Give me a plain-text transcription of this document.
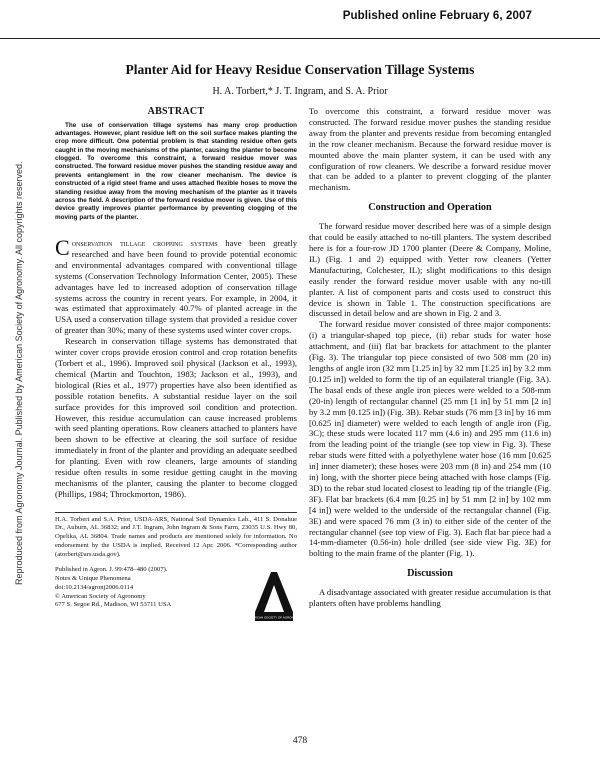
Published online February 6, 2007
Reproduced from Agronomy Journal. Published by American Society of Agronomy. All copyrights reserved.
Planter Aid for Heavy Residue Conservation Tillage Systems
H. A. Torbert,* J. T. Ingram, and S. A. Prior
ABSTRACT

The use of conservation tillage systems has many crop production advantages. However, plant residue left on the soil surface makes planting the crop more difficult. One potential problem is that standing residue often gets caught in the moving mechanisms of the planter, causing the planter to become clogged. To overcome this constraint, a forward residue mover was constructed. The forward residue mover pushes the standing residue away and prevents entanglement in the row cleaner mechanism. The device is constructed of a rigid steel frame and uses attached flexible hoses to move the standing residue away from the moving mechanism of the planter as it travels across the field. A description of the forward residue mover is given. Use of this device greatly improves planter performance by preventing clogging of the moving parts of the planter.

Conservation tillage cropping systems have been greatly researched and have been found to provide potential economic and environmental advantages compared with conventional tillage systems (Conservation Technology Information Center, 2005). These advantages have led to increased adoption of conservation tillage systems across the country in recent years. For example, in 2004, it was estimated that approximately 40.7% of planted acreage in the USA used a conservation tillage system that provided a residue cover of greater than 30%; many of these systems used winter cover crops.

Research in conservation tillage systems has demonstrated that winter cover crops provide erosion control and crop rotation benefits (Torbert et al., 1996). Improved soil physical (Jackson et al., 1993), chemical (Martin and Touchton, 1983; Jackson et al., 1993), and biological (Ries et al., 1977) properties have also been identified as possible rotation benefits. A substantial residue layer on the soil surface provides for this improved soil condition and protection. However, this residue accumulation can cause increased problems with seed planting operations. Row cleaners attached to planters have been shown to be effective at clearing the soil surface of residue immediately in front of the planter and providing an adequate seedbed for planting. Even with row cleaners, large amounts of standing residue often results in some residue getting caught in the moving mechanisms of the planter, causing the planter to become clogged (Phillips, 1984; Throckmorton, 1986).

H.A. Torbert and S.A. Prior, USDA-ARS, National Soil Dynamics Lab., 411 S. Donahue Dr., Auburn, AL 36832; and J.T. Ingram, John Ingram & Sons Farm, 23035 U.S. Hwy 80, Opelika, AL 36804. Trade names and products are mentioned solely for information. No endorsement by the USDA is implied. Received 12 Apr. 2006. *Corresponding author (atorbert@ars.usda.gov).

Published in Agron. J. 99:478–480 (2007).
Notes & Unique Phenomena
doi:10.2134/agronj2006.0114
© American Society of Agronomy
677 S. Segoe Rd., Madison, WI 53711 USA
AMERICAN SOCIETY OF AGRONOMY

To overcome this constraint, a forward residue mover was constructed. The forward residue mover pushes the standing residue away from the planter and prevents residue from becoming entangled in the row cleaner mechanism. Because the forward residue mover is mounted above the main planter system, it can be used with any configuration of row cleaners. We describe a forward residue mover that can be added to a planter to prevent clogging of the planter mechanism.

Construction and Operation

The forward residue mover described here was of a simple design that could be easily attached to no-till planters. The system described here is for a four-row JD 1700 planter (Deere & Company, Moline, IL) (Fig. 1 and 2) equipped with Yetter row cleaners (Yetter Manufacturing, Colchester, IL); slight modifications to this design easily render the forward residue mover usable with any no-till planter. A list of component parts and costs used to construct this device is shown in Table 1. The construction specifications are discussed in detail below and are shown in Fig. 2 and 3.

The forward residue mover consisted of three major components: (i) a triangular-shaped top piece, (ii) rebar studs for water hose attachment, and (iii) flat bar brackets for attachment to the planter (Fig. 3). The triangular top piece consisted of two 508 mm (20 in) lengths of angle iron (32 mm [1.25 in] by 32 mm [1.25 in] by 3.2 mm [0.125 in]) welded to form the tip of an equilateral triangle (Fig. 3A). The basal ends of these angle iron pieces were welded to a 508-mm (20-in) length of rectangular channel (25 mm [1 in] by 51 mm [2 in] by 3.2 mm [0.125 in]) (Fig. 3B). Rebar studs (76 mm [3 in] by 16 mm [0.625 in] diameter) were welded to each length of angle iron (Fig. 3C); these studs were located 117 mm (4.6 in) and 295 mm (11.6 in) from the leading point of the triangle (see top view in Fig. 3). These rebar studs were fitted with a polyethylene water hose (16 mm [0.625 in] inner diameter); these hoses were 203 mm (8 in) and 254 mm (10 in) long, with the shorter piece being attached with hose clamps (Fig. 3D) to the rebar stud located closest to leading tip of the triangle (Fig. 3F). Flat bar brackets (6.4 mm [0.25 in] by 51 mm [2 in] by 102 mm [4 in]) were welded to the underside of the rectangular channel (Fig. 3E) and were spaced 76 mm (3 in) to either side of the center of the rectangular channel (see top view of Fig. 3). Each flat bar piece had a 14-mm-diameter (0.56-in) hole drilled (see side view Fig. 3E) for bolting to the main frame of the planter (Fig. 1).

Discussion

A disadvantage associated with greater residue accumulation is that planters often have problems handling

478
